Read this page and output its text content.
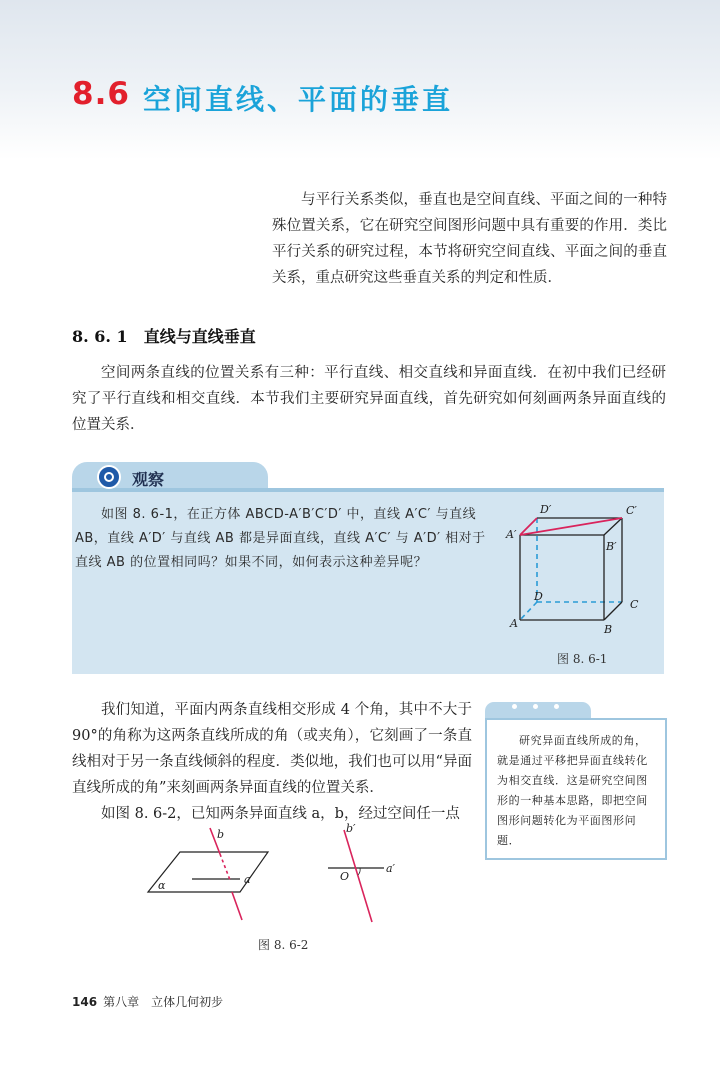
8.6 空间直线、平面的垂直
与平行关系类似，垂直也是空间直线、平面之间的一种特殊位置关系，它在研究空间图形问题中具有重要的作用．类比平行关系的研究过程，本节将研究空间直线、平面之间的垂直关系，重点研究这些垂直关系的判定和性质．
8. 6. 1 直线与直线垂直
空间两条直线的位置关系有三种：平行直线、相交直线和异面直线．在初中我们已经研究了平行直线和相交直线．本节我们主要研究异面直线，首先研究如何刻画两条异面直线的位置关系．
观察
如图 8. 6-1，在正方体 ABCD-A′B′C′D′ 中，直线 A′C′ 与直线 AB，直线 A′D′ 与直线 AB 都是异面直线，直线 A′C′ 与 A′D′ 相对于直线 AB 的位置相同吗？如果不同，如何表示这种差异呢？
D′	C′
A′
B′
D
C
A	B
图 8. 6-1

我们知道，平面内两条直线相交形成 4 个角，其中不大于 90°的角称为这两条直线所成的角（或夹角），它刻画了一条直线相对于另一条直线倾斜的程度．类似地，我们也可以用“异面直线所成的角”来刻画两条异面直线的位置关系．

如图 8. 6-2，已知两条异面直线 a，b，经过空间任一点

研究异面直线所成的角，就是通过平移把异面直线转化为相交直线．这是研究空间图形的一种基本思路，即把空间图形问题转化为平面图形问题．
b
a
α
b′
a′
O
图 8. 6-2
146 第八章 立体几何初步
